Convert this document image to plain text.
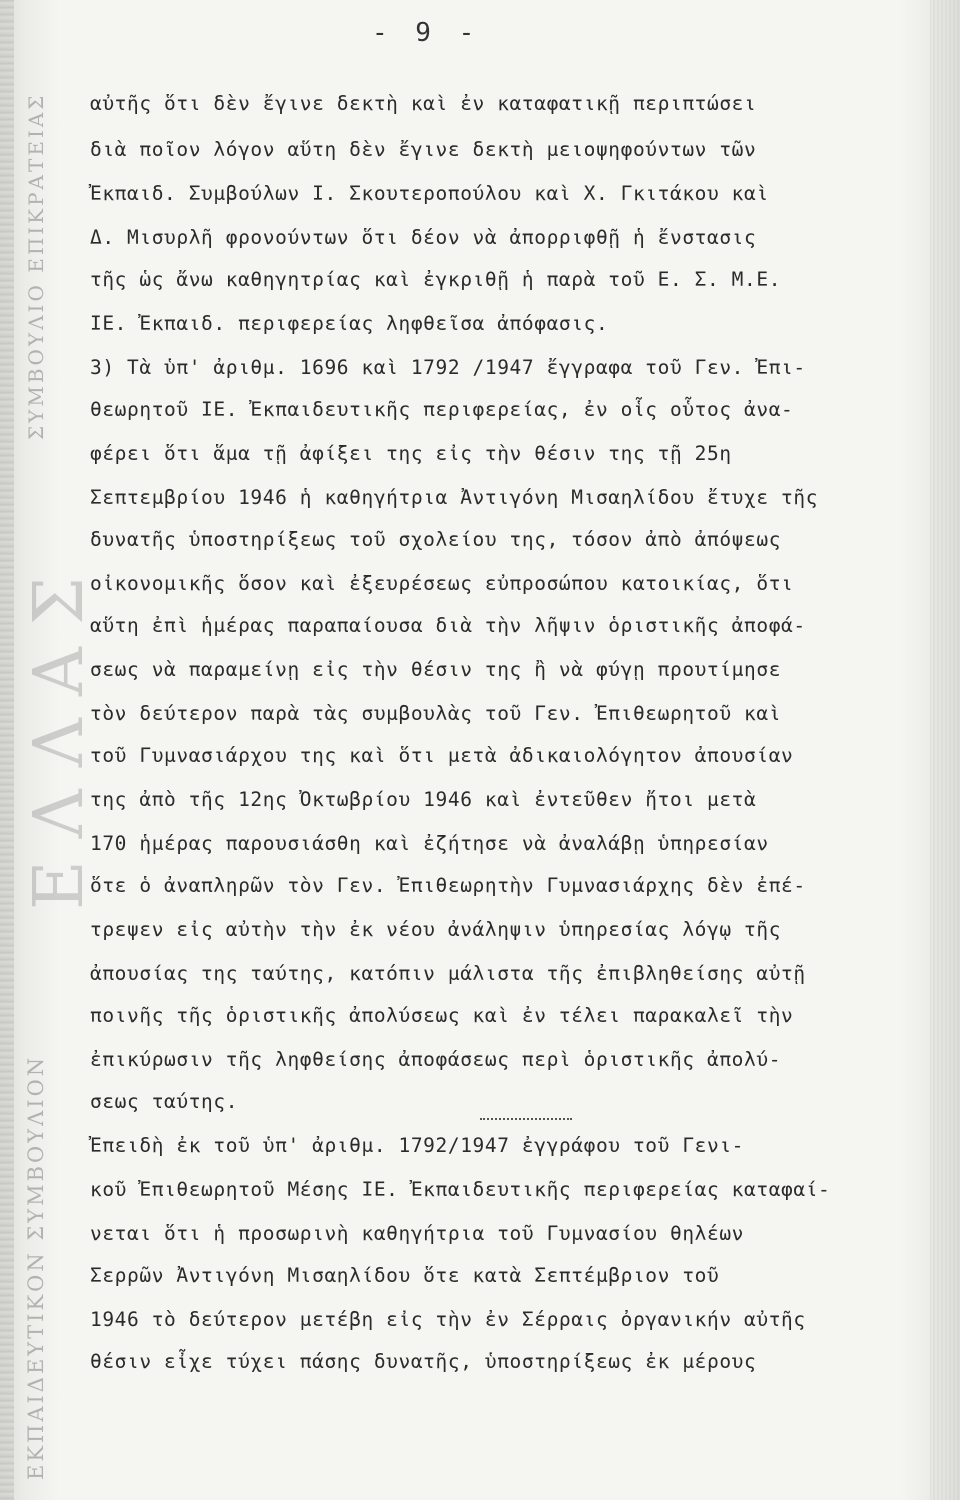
ΣΥΜΒΟΥΛΙΟ ΕΠΙΚΡΑΤΕΙΑΣ
ΕΛΛΑΣ
ΕΚΠΑΙΔΕΥΤΙΚΟΝ ΣΥΜΒΟΥΛΙΟΝ
- 9 -
αὐτῆς ὅτι δὲν ἔγινε δεκτὴ καὶ ἐν καταφατικῇ περιπτώσει
διὰ ποῖον λόγον αὕτη δὲν ἔγινε δεκτὴ μειοψηφούντων τῶν
Ἐκπαιδ. Συμβούλων Ι. Σκουτεροπούλου καὶ Χ. Γκιτάκου καὶ
Δ. Μισυρλῆ φρονούντων ὅτι δέον νὰ ἀπορριφθῇ ἡ ἔνστασις
τῆς ὡς ἄνω καθηγητρίας καὶ ἐγκριθῇ ἡ παρὰ τοῦ Ε. Σ. Μ.Ε.
ΙΕ. Ἐκπαιδ. περιφερείας ληφθεῖσα ἀπόφασις.
3) Τὰ ὑπ' ἀριθμ. 1696 καὶ 1792 /1947 ἔγγραφα τοῦ Γεν. Ἐπι-
θεωρητοῦ ΙΕ. Ἐκπαιδευτικῆς περιφερείας, ἐν οἷς οὗτος ἀνα-
φέρει ὅτι ἅμα τῇ ἀφίξει της εἰς τὴν θέσιν της τῇ 25η
Σεπτεμβρίου 1946 ἡ καθηγήτρια Ἀντιγόνη Μισαηλίδου ἔτυχε τῆς
δυνατῆς ὑποστηρίξεως τοῦ σχολείου της, τόσον ἀπὸ ἀπόψεως
οἰκονομικῆς ὅσον καὶ ἐξευρέσεως εὐπροσώπου κατοικίας, ὅτι
αὕτη ἐπὶ ἡμέρας παραπαίουσα διὰ τὴν λῆψιν ὁριστικῆς ἀποφά-
σεως νὰ παραμείνῃ εἰς τὴν θέσιν της ἢ νὰ φύγῃ προυτίμησε
τὸν δεύτερον παρὰ τὰς συμβουλὰς τοῦ Γεν. Ἐπιθεωρητοῦ καὶ
τοῦ Γυμνασιάρχου της καὶ ὅτι μετὰ ἀδικαιολόγητον ἀπουσίαν
της ἀπὸ τῆς 12ης Ὀκτωβρίου 1946 καὶ ἐντεῦθεν ἤτοι μετὰ
170 ἡμέρας παρουσιάσθη καὶ ἐζήτησε νὰ ἀναλάβῃ ὑπηρεσίαν
ὅτε ὁ ἀναπληρῶν τὸν Γεν. Ἐπιθεωρητὴν Γυμνασιάρχης δὲν ἐπέ-
τρεψεν εἰς αὐτὴν τὴν ἐκ νέου ἀνάληψιν ὑπηρεσίας λόγῳ τῆς
ἀπουσίας της ταύτης, κατόπιν μάλιστα τῆς ἐπιβληθείσης αὐτῇ
ποινῆς τῆς ὁριστικῆς ἀπολύσεως καὶ ἐν τέλει παρακαλεῖ τὴν
ἐπικύρωσιν τῆς ληφθείσης ἀποφάσεως περὶ ὁριστικῆς ἀπολύ-
σεως ταύτης.
Ἐπειδὴ ἐκ τοῦ ὑπ' ἀριθμ. 1792/1947 ἐγγράφου τοῦ Γενι-
κοῦ Ἐπιθεωρητοῦ Μέσης ΙΕ. Ἐκπαιδευτικῆς περιφερείας καταφαί-
νεται ὅτι ἡ προσωρινὴ καθηγήτρια τοῦ Γυμνασίου θηλέων
Σερρῶν Ἀντιγόνη Μισαηλίδου ὅτε κατὰ Σεπτέμβριον τοῦ
1946 τὸ δεύτερον μετέβη εἰς τὴν ἐν Σέρραις ὀργανικήν αὐτῆς
θέσιν εἶχε τύχει πάσης δυνατῆς, ὑποστηρίξεως ἐκ μέρους
